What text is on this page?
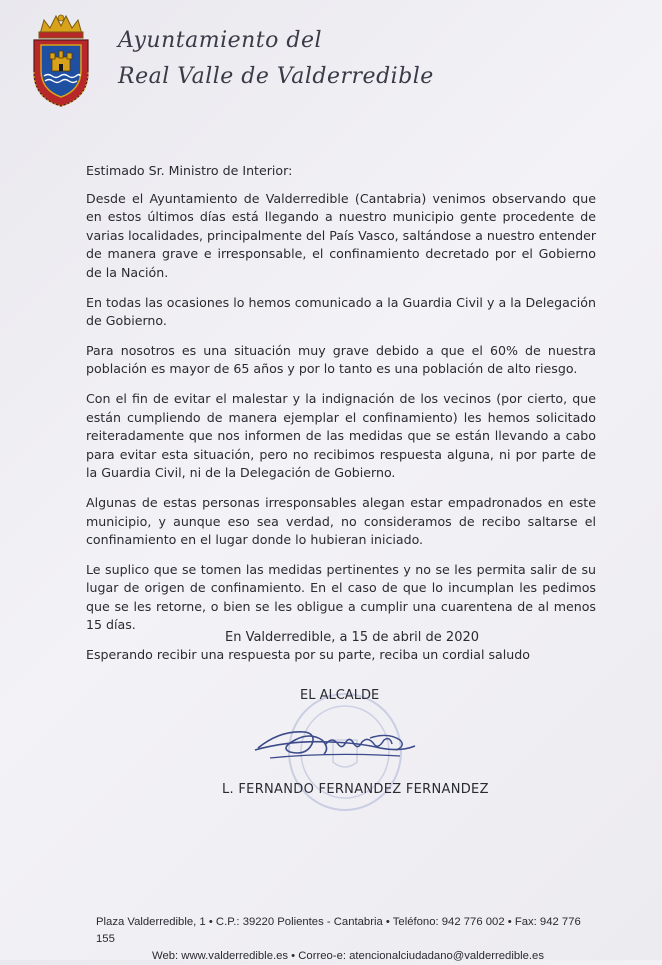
Ayuntamiento del
Real Valle de Valderredible

Estimado Sr. Ministro de Interior:

Desde el Ayuntamiento de Valderredible (Cantabria) venimos observando que en estos últimos días está llegando a nuestro municipio gente procedente de varias localidades, principalmente del País Vasco, saltándose a nuestro entender de manera grave e irresponsable, el confinamiento decretado por el Gobierno de la Nación.

En todas las ocasiones lo hemos comunicado a la Guardia Civil y a la Delegación de Gobierno.

Para nosotros es una situación muy grave debido a que el 60% de nuestra población es mayor de 65 años y por lo tanto es una población de alto riesgo.

Con el fin de evitar el malestar y la indignación de los vecinos (por cierto, que están cumpliendo de manera ejemplar el confinamiento) les hemos solicitado reiteradamente que nos informen de las medidas que se están llevando a cabo para evitar esta situación, pero no recibimos respuesta alguna, ni por parte de la Guardia Civil, ni de la Delegación de Gobierno.

Algunas de estas personas irresponsables alegan estar empadronados en este municipio, y aunque eso sea verdad, no consideramos de recibo saltarse el confinamiento en el lugar donde lo hubieran iniciado.

Le suplico que se tomen las medidas pertinentes y no se les permita salir de su lugar de origen de confinamiento. En el caso de que lo incumplan les pedimos que se les retorne, o bien se les obligue a cumplir una cuarentena de al menos 15 días.

Esperando recibir una respuesta por su parte, reciba un cordial saludo

En Valderredible, a 15 de abril de 2020
EL ALCALDE
L. FERNANDO FERNANDEZ FERNANDEZ
Plaza Valderredible, 1 • C.P.: 39220 Polientes - Cantabria • Teléfono: 942 776 002 • Fax: 942 776 155
Web: www.valderredible.es • Correo-e: atencionalciudadano@valderredible.es
